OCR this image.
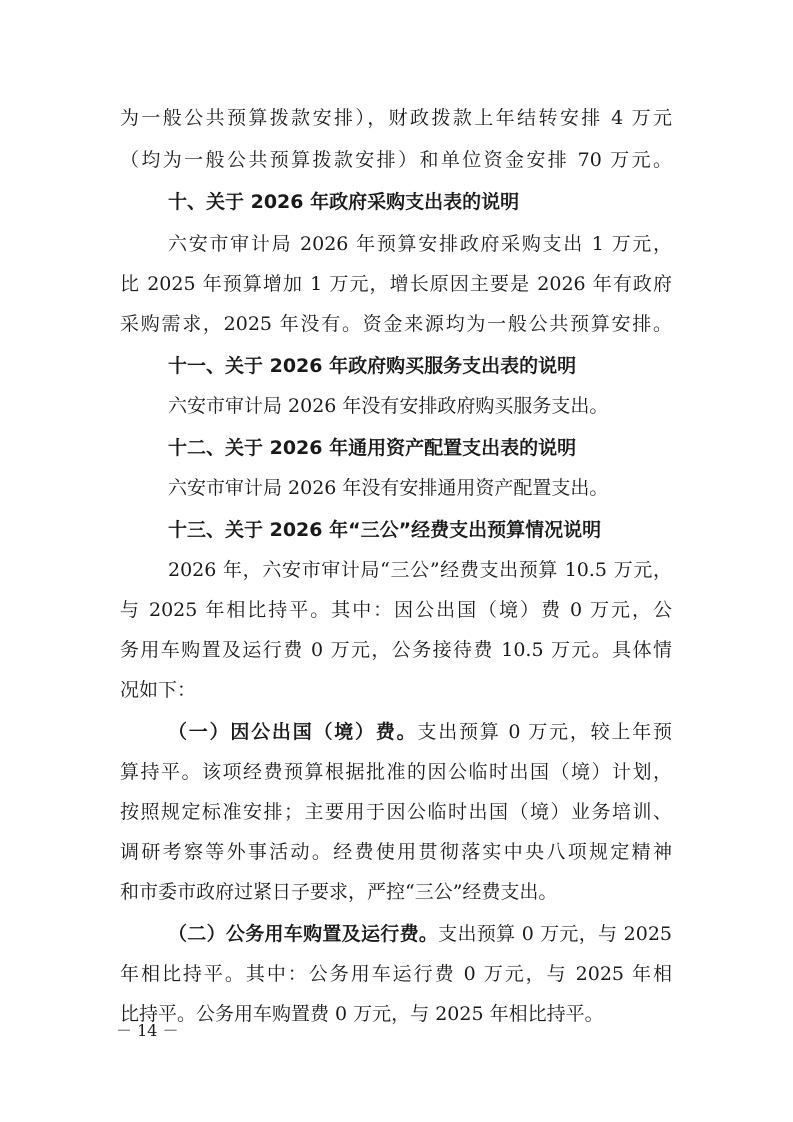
为一般公共预算拨款安排），财政拨款上年结转安排 4 万元
（均为一般公共预算拨款安排）和单位资金安排 70 万元。
十、关于 2026 年政府采购支出表的说明
六安市审计局 2026 年预算安排政府采购支出 1 万元，
比 2025 年预算增加 1 万元，增长原因主要是 2026 年有政府
采购需求，2025 年没有。资金来源均为一般公共预算安排。
十一、关于 2026 年政府购买服务支出表的说明
六安市审计局 2026 年没有安排政府购买服务支出。
十二、关于 2026 年通用资产配置支出表的说明
六安市审计局 2026 年没有安排通用资产配置支出。
十三、关于 2026 年“三公”经费支出预算情况说明
2026 年，六安市审计局“三公”经费支出预算 10.5 万元，
与 2025 年相比持平。其中：因公出国（境）费 0 万元，公
务用车购置及运行费 0 万元，公务接待费 10.5 万元。具体情
况如下：
（一）因公出国（境）费。支出预算 0 万元，较上年预
算持平。该项经费预算根据批准的因公临时出国（境）计划，
按照规定标准安排；主要用于因公临时出国（境）业务培训、
调研考察等外事活动。经费使用贯彻落实中央八项规定精神
和市委市政府过紧日子要求，严控“三公”经费支出。
（二）公务用车购置及运行费。支出预算 0 万元，与 2025
年相比持平。其中：公务用车运行费 0 万元，与 2025 年相
比持平。公务用车购置费 0 万元，与 2025 年相比持平。
－ 14 －
